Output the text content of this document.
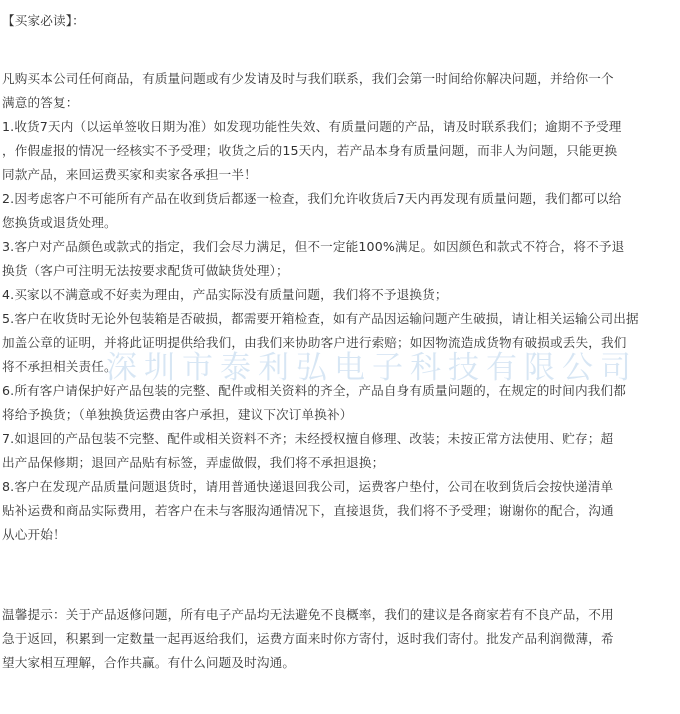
【买家必读】：
凡购买本公司任何商品，有质量问题或有少发请及时与我们联系，我们会第一时间给你解决问题，并给你一个
满意的答复：
1.收货7天内（以运单签收日期为准）如发现功能性失效、有质量问题的产品，请及时联系我们；逾期不予受理
，作假虚报的情况一经核实不予受理；收货之后的15天内，若产品本身有质量问题，而非人为问题，只能更换
同款产品，来回运费买家和卖家各承担一半！
2.因考虑客户不可能所有产品在收到货后都逐一检查，我们允许收货后7天内再发现有质量问题，我们都可以给
您换货或退货处理。
3.客户对产品颜色或款式的指定，我们会尽力满足，但不一定能100%满足。如因颜色和款式不符合，将不予退
换货（客户可注明无法按要求配货可做缺货处理）；
4.买家以不满意或不好卖为理由，产品实际没有质量问题，我们将不予退换货；
5.客户在收货时无论外包装箱是否破损，都需要开箱检查，如有产品因运输问题产生破损，请让相关运输公司出据
加盖公章的证明，并将此证明提供给我们，由我们来协助客户进行索赔；如因物流造成货物有破损或丢失，我们
将不承担相关责任。
6.所有客户请保护好产品包装的完整、配件或相关资料的齐全，产品自身有质量问题的，在规定的时间内我们都
将给予换货；（单独换货运费由客户承担，建议下次订单换补）
7.如退回的产品包装不完整、配件或相关资料不齐；未经授权擅自修理、改装；未按正常方法使用、贮存；超
出产品保修期；退回产品贴有标签，弄虚做假，我们将不承担退换；
8.客户在发现产品质量问题退货时，请用普通快递退回我公司，运费客户垫付，公司在收到货后会按快递清单
贴补运费和商品实际费用，若客户在未与客服沟通情况下，直接退货，我们将不予受理；谢谢你的配合，沟通
从心开始！
温馨提示：关于产品返修问题，所有电子产品均无法避免不良概率，我们的建议是各商家若有不良产品，不用
急于返回，积累到一定数量一起再返给我们，运费方面来时你方寄付，返时我们寄付。批发产品利润微薄，希
望大家相互理解，合作共赢。有什么问题及时沟通。
深圳市泰利弘电子科技有限公司
